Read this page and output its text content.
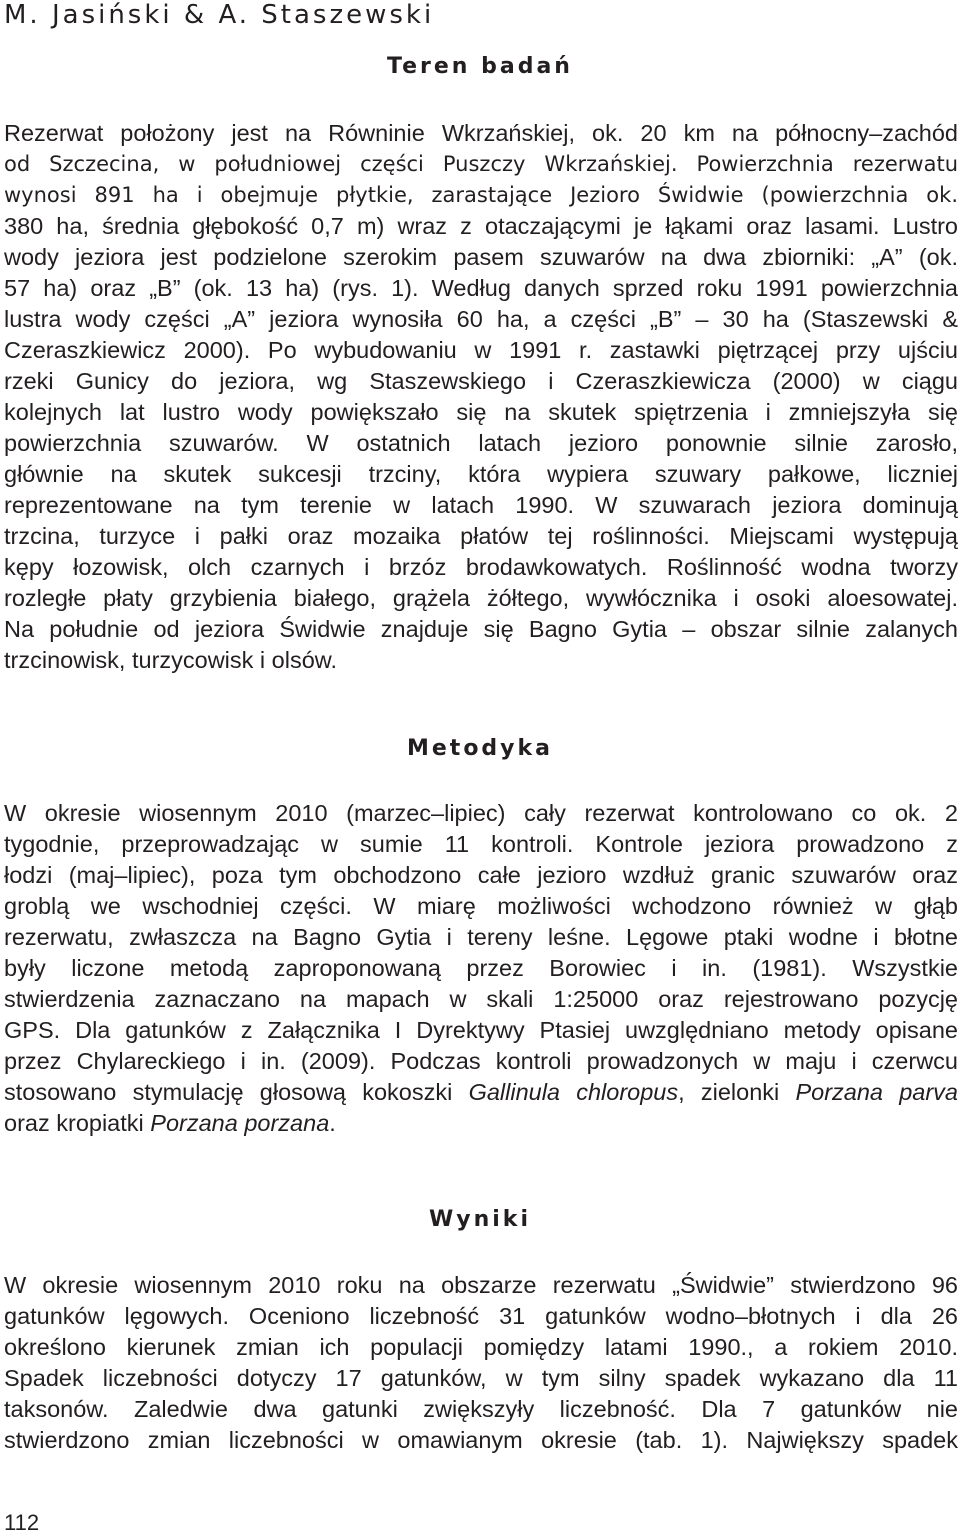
M. Jasiński & A. Staszewski
Teren badań
Rezerwat położony jest na Równinie Wkrzańskiej, ok. 20 km na północny–zachód
od Szczecina, w południowej części Puszczy Wkrzańskiej. Powierzchnia rezerwatu
wynosi 891 ha i obejmuje płytkie, zarastające Jezioro Świdwie (powierzchnia ok.
380 ha, średnia głębokość 0,7 m) wraz z otaczającymi je łąkami oraz lasami. Lustro
wody jeziora jest podzielone szerokim pasem szuwarów na dwa zbiorniki: „A” (ok.
57 ha) oraz „B” (ok. 13 ha) (rys. 1). Według danych sprzed roku 1991 powierzchnia
lustra wody części „A” jeziora wynosiła 60 ha, a części „B” – 30 ha (Staszewski &
Czeraszkiewicz 2000). Po wybudowaniu w 1991 r. zastawki piętrzącej przy ujściu
rzeki Gunicy do jeziora, wg Staszewskiego i Czeraszkiewicza (2000) w ciągu
kolejnych lat lustro wody powiększało się na skutek spiętrzenia i zmniejszyła się
powierzchnia szuwarów. W ostatnich latach jezioro ponownie silnie zarosło,
głównie na skutek sukcesji trzciny, która wypiera szuwary pałkowe, liczniej
reprezentowane na tym terenie w latach 1990. W szuwarach jeziora dominują
trzcina, turzyce i pałki oraz mozaika płatów tej roślinności. Miejscami występują
kępy łozowisk, olch czarnych i brzóz brodawkowatych. Roślinność wodna tworzy
rozległe płaty grzybienia białego, grążela żółtego, wywłócznika i osoki aloesowatej.
Na południe od jeziora Świdwie znajduje się Bagno Gytia – obszar silnie zalanych
trzcinowisk, turzycowisk i olsów.
Metodyka
W okresie wiosennym 2010 (marzec–lipiec) cały rezerwat kontrolowano co ok. 2
tygodnie, przeprowadzając w sumie 11 kontroli. Kontrole jeziora prowadzono z
łodzi (maj–lipiec), poza tym obchodzono całe jezioro wzdłuż granic szuwarów oraz
groblą we wschodniej części. W miarę możliwości wchodzono również w głąb
rezerwatu, zwłaszcza na Bagno Gytia i tereny leśne. Lęgowe ptaki wodne i błotne
były liczone metodą zaproponowaną przez Borowiec i in. (1981). Wszystkie
stwierdzenia zaznaczano na mapach w skali 1:25000 oraz rejestrowano pozycję
GPS. Dla gatunków z Załącznika I Dyrektywy Ptasiej uwzględniano metody opisane
przez Chylareckiego i in. (2009). Podczas kontroli prowadzonych w maju i czerwcu
stosowano stymulację głosową kokoszki Gallinula chloropus, zielonki Porzana parva
oraz kropiatki Porzana porzana.
Wyniki
W okresie wiosennym 2010 roku na obszarze rezerwatu „Świdwie” stwierdzono 96
gatunków lęgowych. Oceniono liczebność 31 gatunków wodno–błotnych i dla 26
określono kierunek zmian ich populacji pomiędzy latami 1990., a rokiem 2010.
Spadek liczebności dotyczy 17 gatunków, w tym silny spadek wykazano dla 11
taksonów. Zaledwie dwa gatunki zwiększyły liczebność. Dla 7 gatunków nie
stwierdzono zmian liczebności w omawianym okresie (tab. 1). Największy spadek
112
